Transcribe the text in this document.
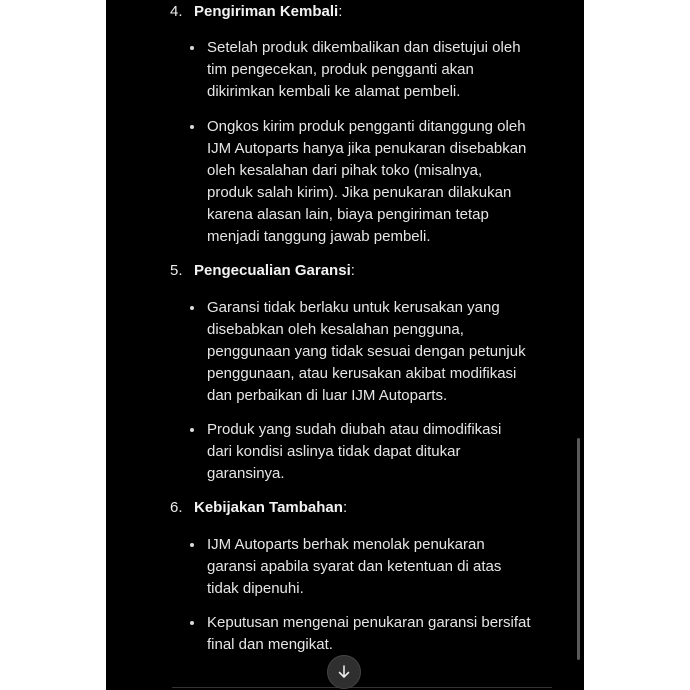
4. Pengiriman Kembali:
Setelah produk dikembalikan dan disetujui oleh
tim pengecekan, produk pengganti akan
dikirimkan kembali ke alamat pembeli.
Ongkos kirim produk pengganti ditanggung oleh
IJM Autoparts hanya jika penukaran disebabkan
oleh kesalahan dari pihak toko (misalnya,
produk salah kirim). Jika penukaran dilakukan
karena alasan lain, biaya pengiriman tetap
menjadi tanggung jawab pembeli.
5. Pengecualian Garansi:
Garansi tidak berlaku untuk kerusakan yang
disebabkan oleh kesalahan pengguna,
penggunaan yang tidak sesuai dengan petunjuk
penggunaan, atau kerusakan akibat modifikasi
dan perbaikan di luar IJM Autoparts.
Produk yang sudah diubah atau dimodifikasi
dari kondisi aslinya tidak dapat ditukar
garansinya.
6. Kebijakan Tambahan:
IJM Autoparts berhak menolak penukaran
garansi apabila syarat dan ketentuan di atas
tidak dipenuhi.
Keputusan mengenai penukaran garansi bersifat
final dan mengikat.
